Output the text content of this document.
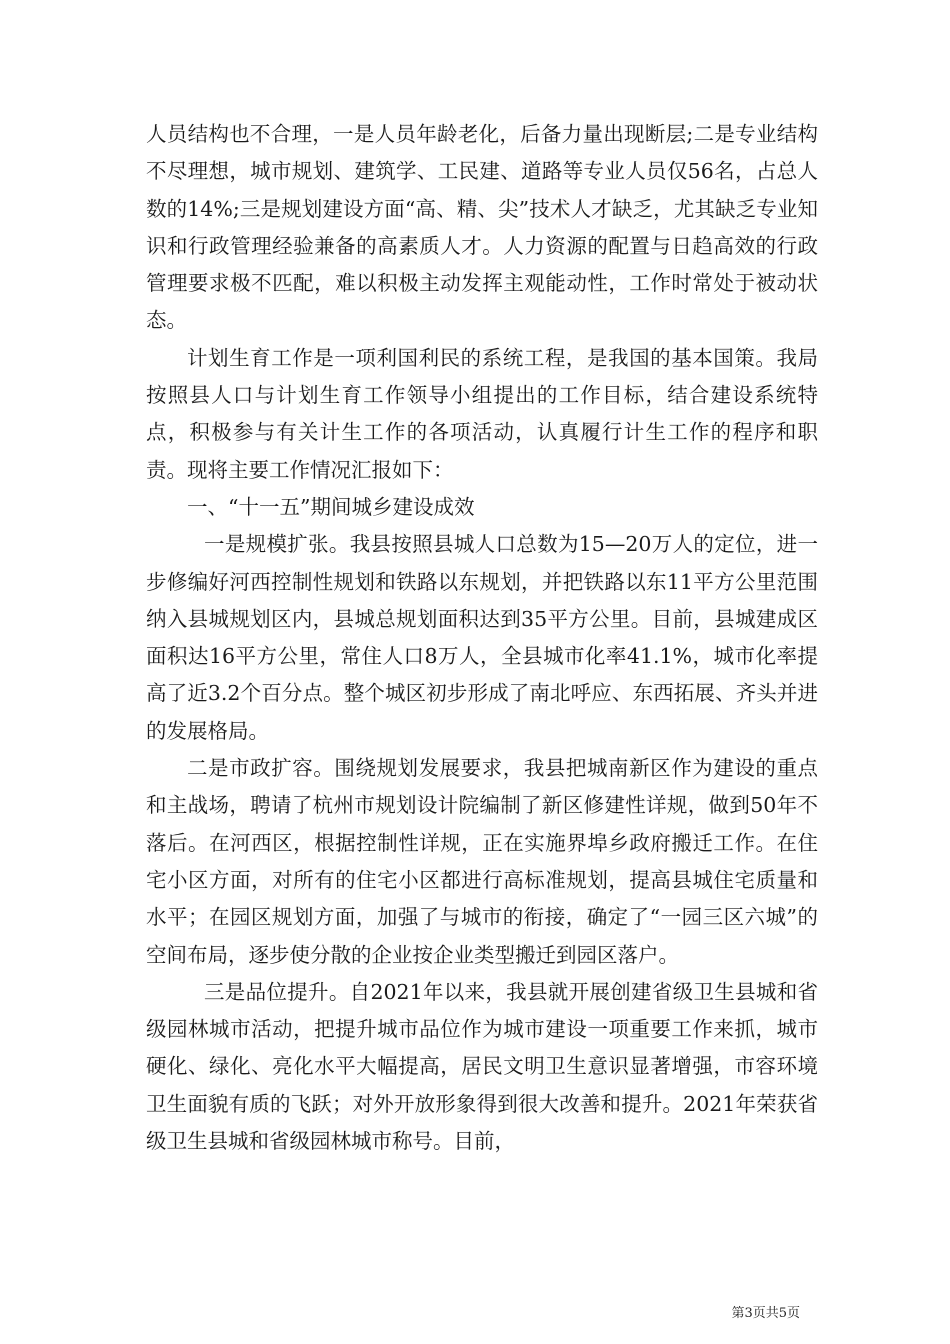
人员结构也不合理，一是人员年龄老化，后备力量出现断层;二是专业结构不尽理想，城市规划、建筑学、工民建、道路等专业人员仅56名，占总人数的14%;三是规划建设方面“高、精、尖”技术人才缺乏，尤其缺乏专业知识和行政管理经验兼备的高素质人才。人力资源的配置与日趋高效的行政管理要求极不匹配，难以积极主动发挥主观能动性，工作时常处于被动状态。

计划生育工作是一项利国利民的系统工程，是我国的基本国策。我局按照县人口与计划生育工作领导小组提出的工作目标，结合建设系统特点，积极参与有关计生工作的各项活动，认真履行计生工作的程序和职责。现将主要工作情况汇报如下：

一、“十一五”期间城乡建设成效

一是规模扩张。我县按照县城人口总数为15—20万人的定位，进一步修编好河西控制性规划和铁路以东规划，并把铁路以东11平方公里范围纳入县城规划区内，县城总规划面积达到35平方公里。目前，县城建成区面积达16平方公里，常住人口8万人，全县城市化率41.1%，城市化率提高了近3.2个百分点。整个城区初步形成了南北呼应、东西拓展、齐头并进的发展格局。

二是市政扩容。围绕规划发展要求，我县把城南新区作为建设的重点和主战场，聘请了杭州市规划设计院编制了新区修建性详规，做到50年不落后。在河西区，根据控制性详规，正在实施界埠乡政府搬迁工作。在住宅小区方面，对所有的住宅小区都进行高标准规划，提高县城住宅质量和水平；在园区规划方面，加强了与城市的衔接，确定了“一园三区六城”的空间布局，逐步使分散的企业按企业类型搬迁到园区落户。

三是品位提升。自2021年以来，我县就开展创建省级卫生县城和省级园林城市活动，把提升城市品位作为城市建设一项重要工作来抓，城市硬化、绿化、亮化水平大幅提高，居民文明卫生意识显著增强，市容环境卫生面貌有质的飞跃；对外开放形象得到很大改善和提升。2021年荣获省级卫生县城和省级园林城市称号。目前，

第3页共5页
